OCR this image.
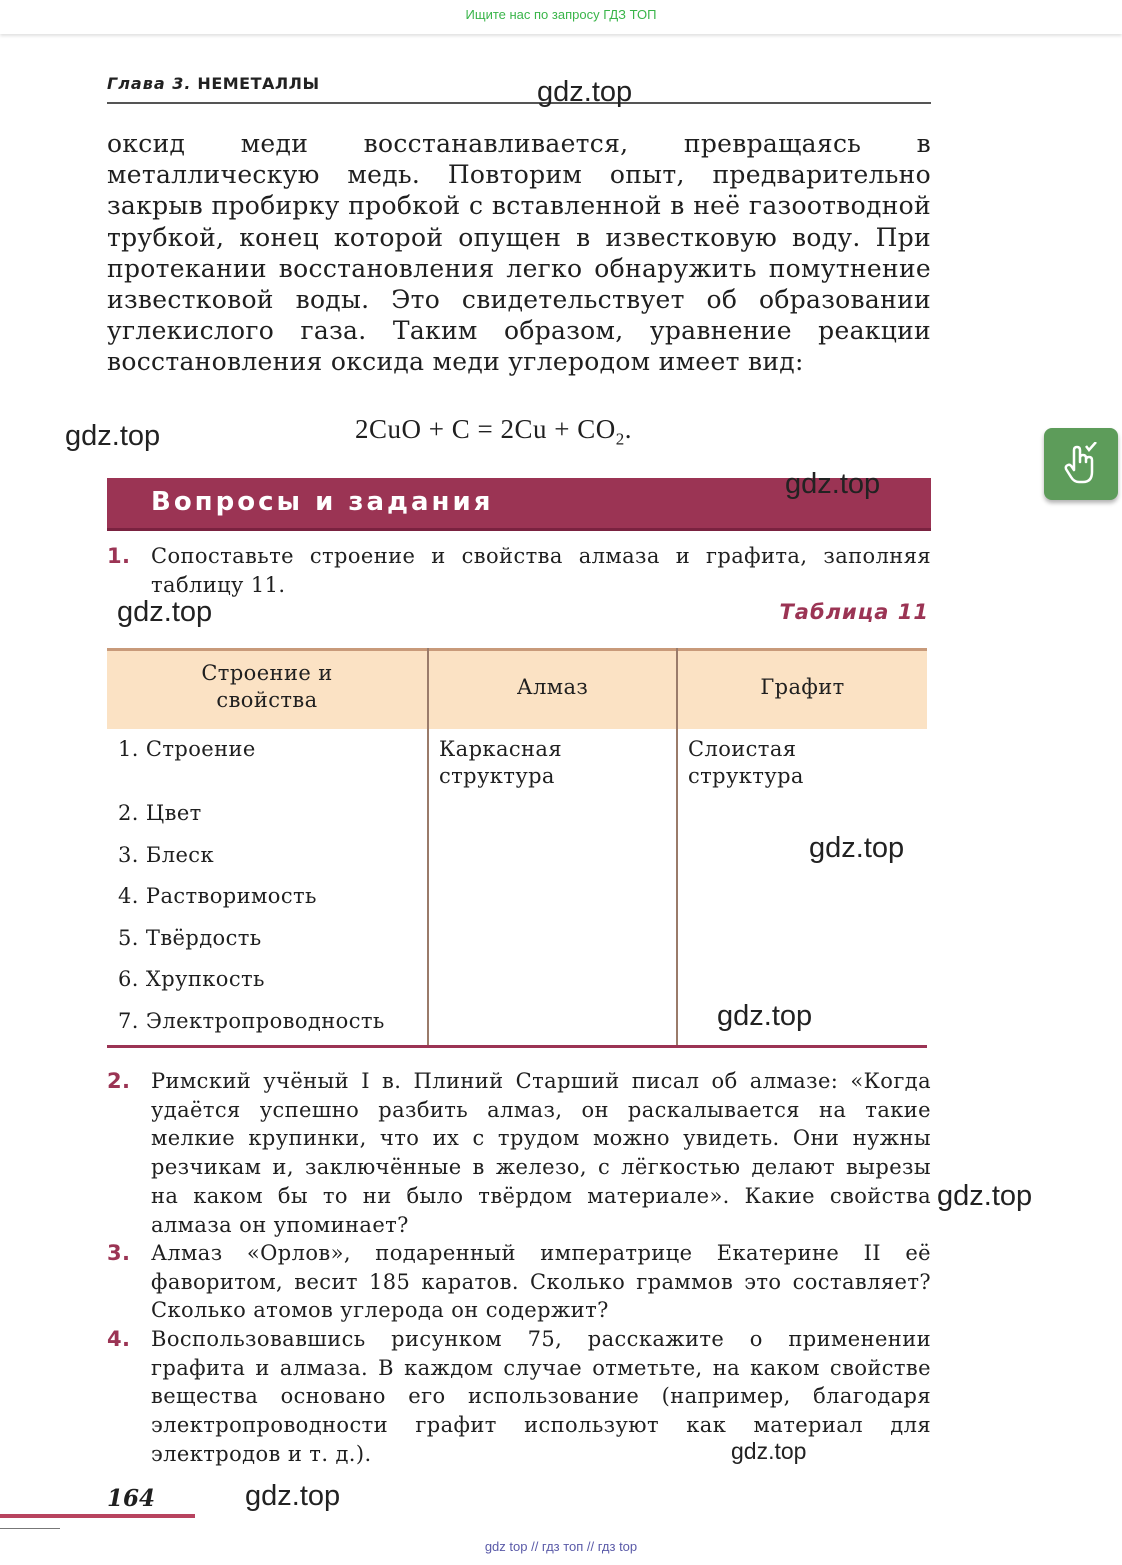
Ищите нас по запросу ГДЗ ТОП
Глава 3. НЕМЕТАЛЛЫ
оксид меди восстанавливается, превращаясь в металлическую медь. Повторим опыт, предварительно закрыв пробирку пробкой с вставленной в неё газоотводной трубкой, конец которой опущен в известковую воду. При протекании восстановления легко обнаружить помутнение известковой воды. Это свидетельствует об образовании углекислого газа. Таким образом, уравнение реакции восстановления оксида меди углеродом имеет вид:
$2CuO + C = 2Cu + CO_2$.
Вопросы и задания
1. Сопоставьте строение и свойства алмаза и графита, заполняя таблицу 11.
Таблица 11
Строение и свойства
Алмаз	Графит
1. Строение
2. Цвет
3. Блеск
4. Растворимость
5. Твёрдость
6. Хрупкость
7. Электропроводность
Каркасная структура
Слоистая структура
2. Римский учёный I в. Плиний Старший писал об алмазе: «Когда удаётся успешно разбить алмаз, он раскалывается на такие мелкие крупинки, что их с трудом можно увидеть. Они нужны резчикам и, заключённые в железо, с лёгкостью делают вырезы на каком бы то ни было твёрдом материале». Какие свойства алмаза он упоминает?
3. Алмаз «Орлов», подаренный императрице Екатерине II её фаворитом, весит 185 каратов. Сколько граммов это составляет? Сколько атомов углерода он содержит?
4. Воспользовавшись рисунком 75, расскажите о применении графита и алмаза. В каждом случае отметьте, на каком свойстве вещества основано его использование (например, благодаря электропроводности графит используют как материал для электродов и т. д.).
164
gdz top // гдз топ // гдз top
gdz.top
gdz.top
gdz.top
gdz.top
gdz.top
gdz.top
gdz.top
gdz.top
gdz.top
